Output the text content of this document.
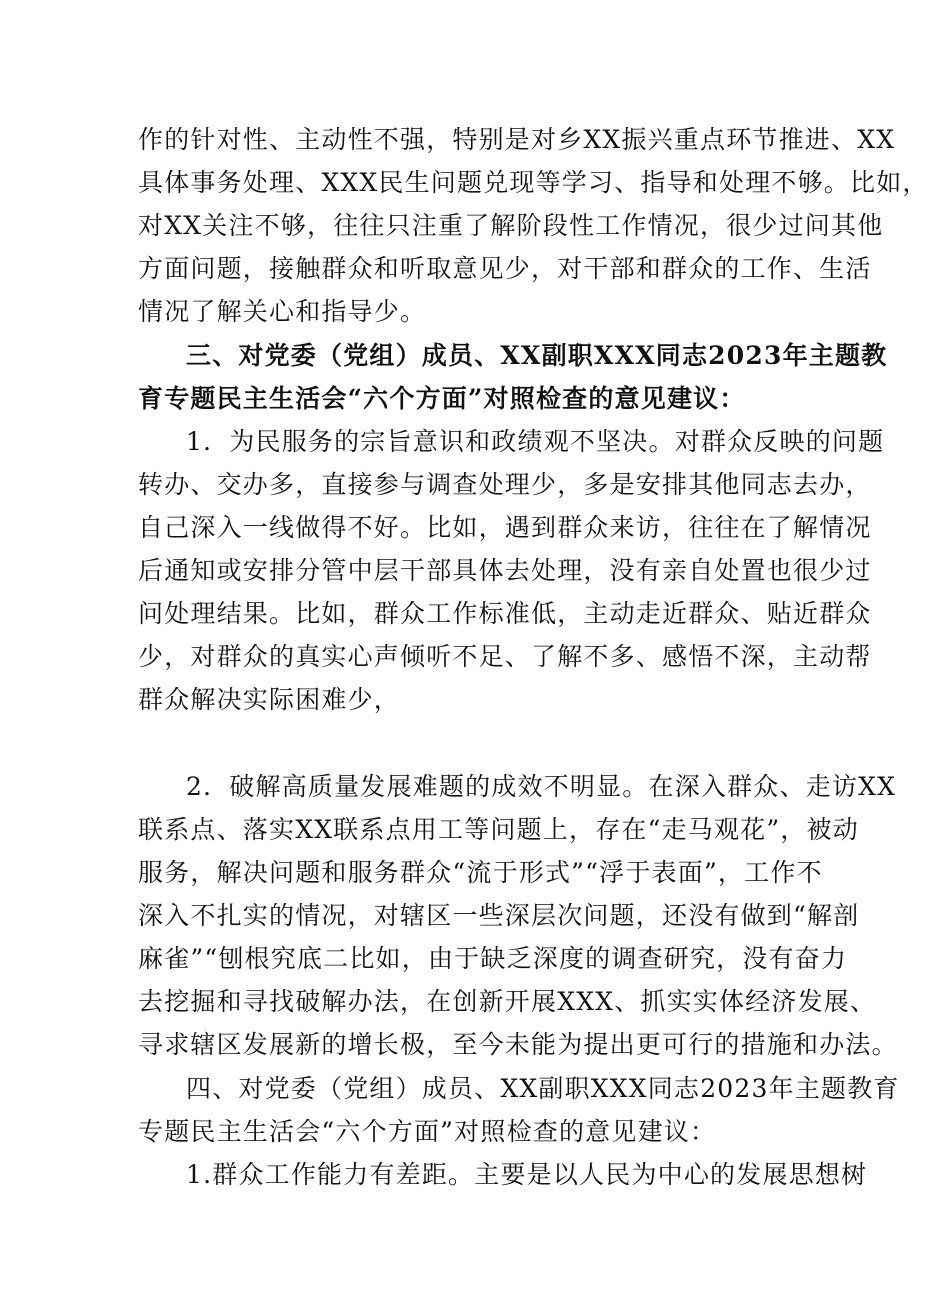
作的针对性、主动性不强，特别是对乡XX振兴重点环节推进、XX
具体事务处理、XXX民生问题兑现等学习、指导和处理不够。比如，
对XX关注不够，往往只注重了解阶段性工作情况，很少过问其他
方面问题，接触群众和听取意见少，对干部和群众的工作、生活
情况了解关心和指导少。
三、对党委（党组）成员、XX副职XXX同志2023年主题教
育专题民主生活会“六个方面”对照检查的意见建议：
1．为民服务的宗旨意识和政绩观不坚决。对群众反映的问题
转办、交办多，直接参与调查处理少，多是安排其他同志去办，
自己深入一线做得不好。比如，遇到群众来访，往往在了解情况
后通知或安排分管中层干部具体去处理，没有亲自处置也很少过
问处理结果。比如，群众工作标准低，主动走近群众、贴近群众
少，对群众的真实心声倾听不足、了解不多、感悟不深，主动帮
群众解决实际困难少，
2．破解高质量发展难题的成效不明显。在深入群众、走访XX
联系点、落实XX联系点用工等问题上，存在“走马观花”，被动
服务，解决问题和服务群众“流于形式”“浮于表面”，工作不
深入不扎实的情况，对辖区一些深层次问题，还没有做到“解剖
麻雀”“刨根究底二比如，由于缺乏深度的调查研究，没有奋力
去挖掘和寻找破解办法，在创新开展XXX、抓实实体经济发展、
寻求辖区发展新的增长极，至今未能为提出更可行的措施和办法。
四、对党委（党组）成员、XX副职XXX同志2023年主题教育
专题民主生活会“六个方面”对照检查的意见建议：
1.群众工作能力有差距。主要是以人民为中心的发展思想树
